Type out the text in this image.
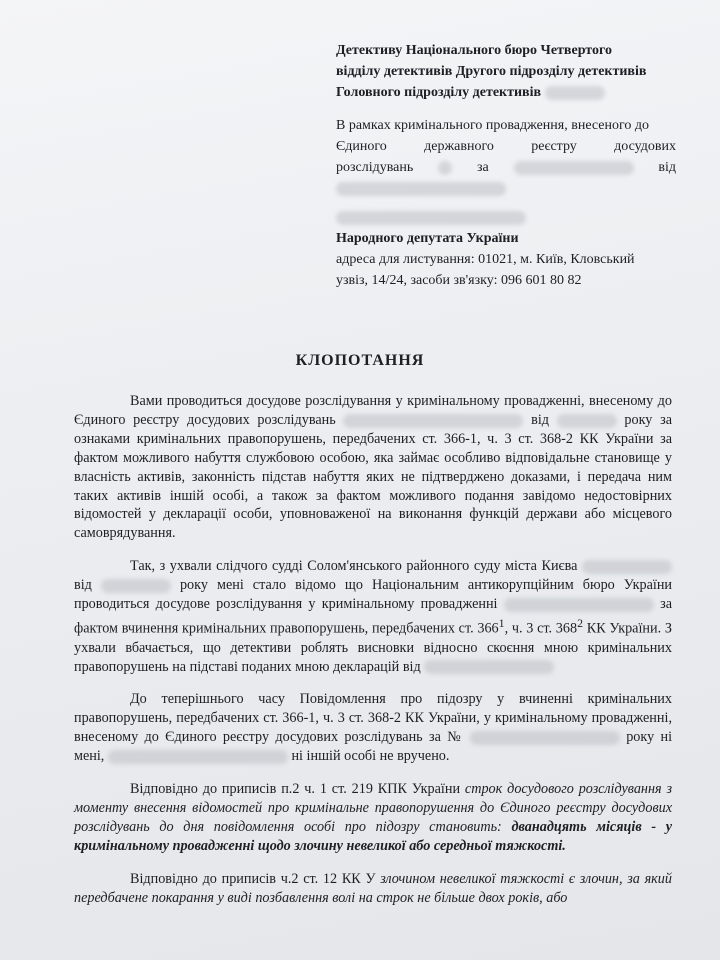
Детективу Національного бюро Четвертого
відділу детективів Другого підрозділу детективів
Головного підрозділу детективів

В рамках кримінального провадження, внесеного до

Єдиного	державного	реєстру	досудових

розслідувань	за	від

Народного депутата України

адреса для листування: 01021, м. Київ, Кловський

узвіз, 14/24, засоби зв'язку: 096 601 80 82

КЛОПОТАННЯ

Вами проводиться досудове розслідування у кримінальному провадженні, внесеному до Єдиного реєстру досудових розслідувань	від	року за ознаками кримінальних правопорушень, передбачених ст. 366-1, ч. 3 ст. 368-2 КК України за фактом можливого набуття службовою особою, яка займає особливо відповідальне становище у власність активів, законність підстав набуття яких не підтверджено доказами, і передача ним таких активів іншій особі, а також за фактом можливого подання завідомо недостовірних відомостей у декларації особи, уповноваженої на виконання функцій держави або місцевого самоврядування.

Так, з ухвали слідчого судді Солом'янського районного суду міста Києва  від	року мені стало відомо що Національним антикорупційним бюро України проводиться досудове розслідування у кримінальному провадженні	за фактом вчинення кримінальних правопорушень, передбачених ст. $366^1$, ч. 3 ст. $368^2$ КК України. З ухвали вбачається, що детективи роблять висновки відносно скоєння мною кримінальних правопорушень на підставі поданих мною декларацій від

До теперішнього часу Повідомлення про підозру у вчиненні кримінальних правопорушень, передбачених ст. 366-1, ч. 3 ст. 368-2 КК України, у кримінальному провадженні, внесеному до Єдиного реєстру досудових розслідувань за №	року ні мені,	ні іншій особі не вручено.

Відповідно до приписів п.2 ч. 1 ст. 219 КПК України строк досудового розслідування з моменту внесення відомостей про кримінальне правопорушення до Єдиного реєстру досудових розслідувань до дня повідомлення особі про підозру становить: дванадцять місяців - у кримінальному провадженні щодо злочину невеликої або середньої тяжкості.

Відповідно до приписів ч.2 ст. 12 КК У злочином невеликої тяжкості є злочин, за який передбачене покарання у виді позбавлення волі на строк не більше двох років, або
